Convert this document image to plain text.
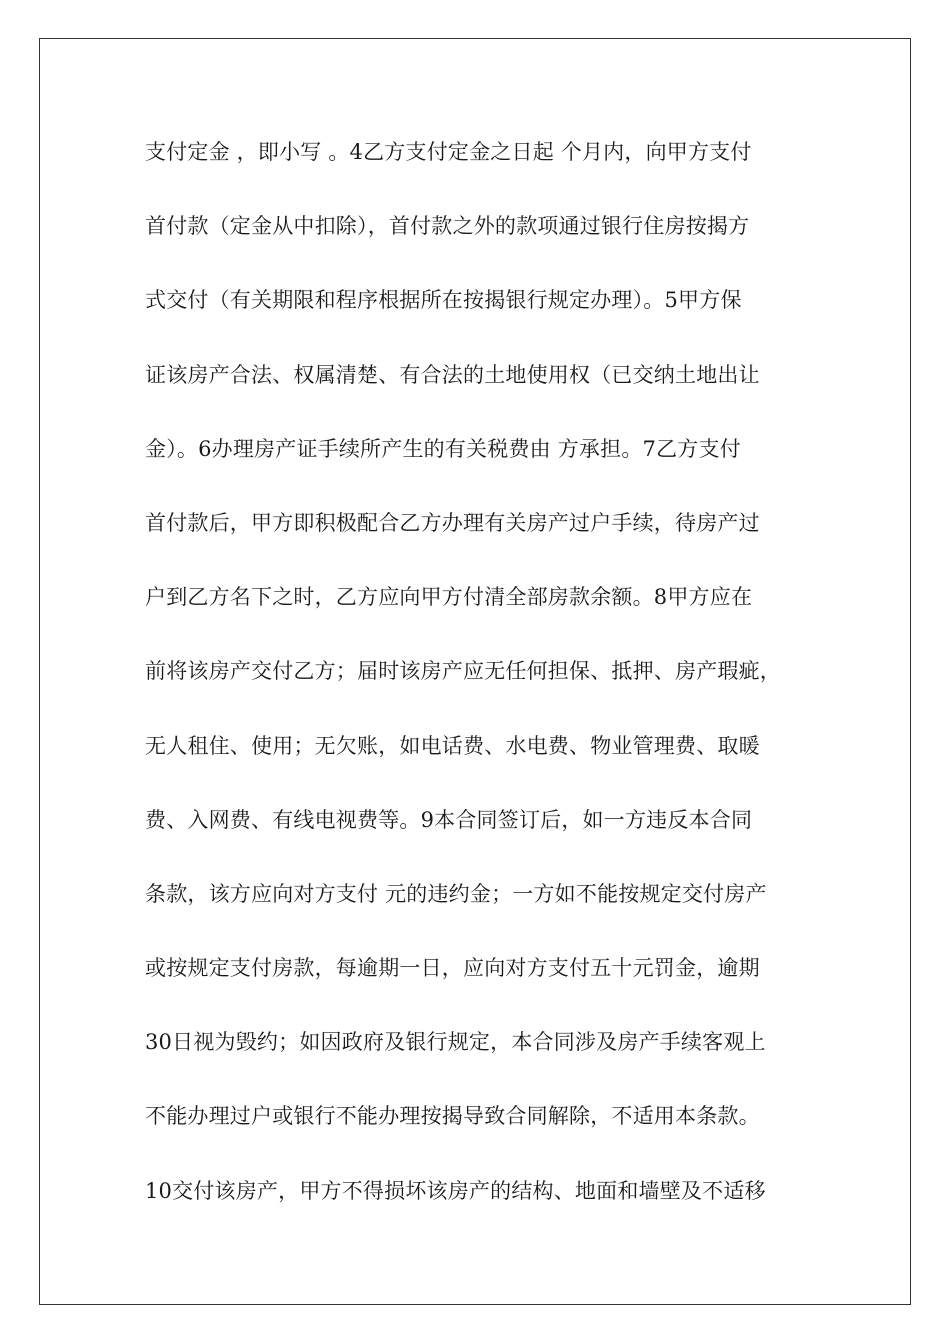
支付定金 ，即小写 。4乙方支付定金之日起 个月内，向甲方支付
首付款（定金从中扣除），首付款之外的款项通过银行住房按揭方
式交付（有关期限和程序根据所在按揭银行规定办理）。5甲方保
证该房产合法、权属清楚、有合法的土地使用权（已交纳土地出让
金）。6办理房产证手续所产生的有关税费由 方承担。7乙方支付
首付款后，甲方即积极配合乙方办理有关房产过户手续，待房产过
户到乙方名下之时，乙方应向甲方付清全部房款余额。8甲方应在
前将该房产交付乙方；届时该房产应无任何担保、抵押、房产瑕疵，
无人租住、使用；无欠账，如电话费、水电费、物业管理费、取暖
费、入网费、有线电视费等。9本合同签订后，如一方违反本合同
条款，该方应向对方支付 元的违约金；一方如不能按规定交付房产
或按规定支付房款，每逾期一日，应向对方支付五十元罚金，逾期
30日视为毁约；如因政府及银行规定，本合同涉及房产手续客观上
不能办理过户或银行不能办理按揭导致合同解除，不适用本条款。
10交付该房产，甲方不得损坏该房产的结构、地面和墙壁及不适移
